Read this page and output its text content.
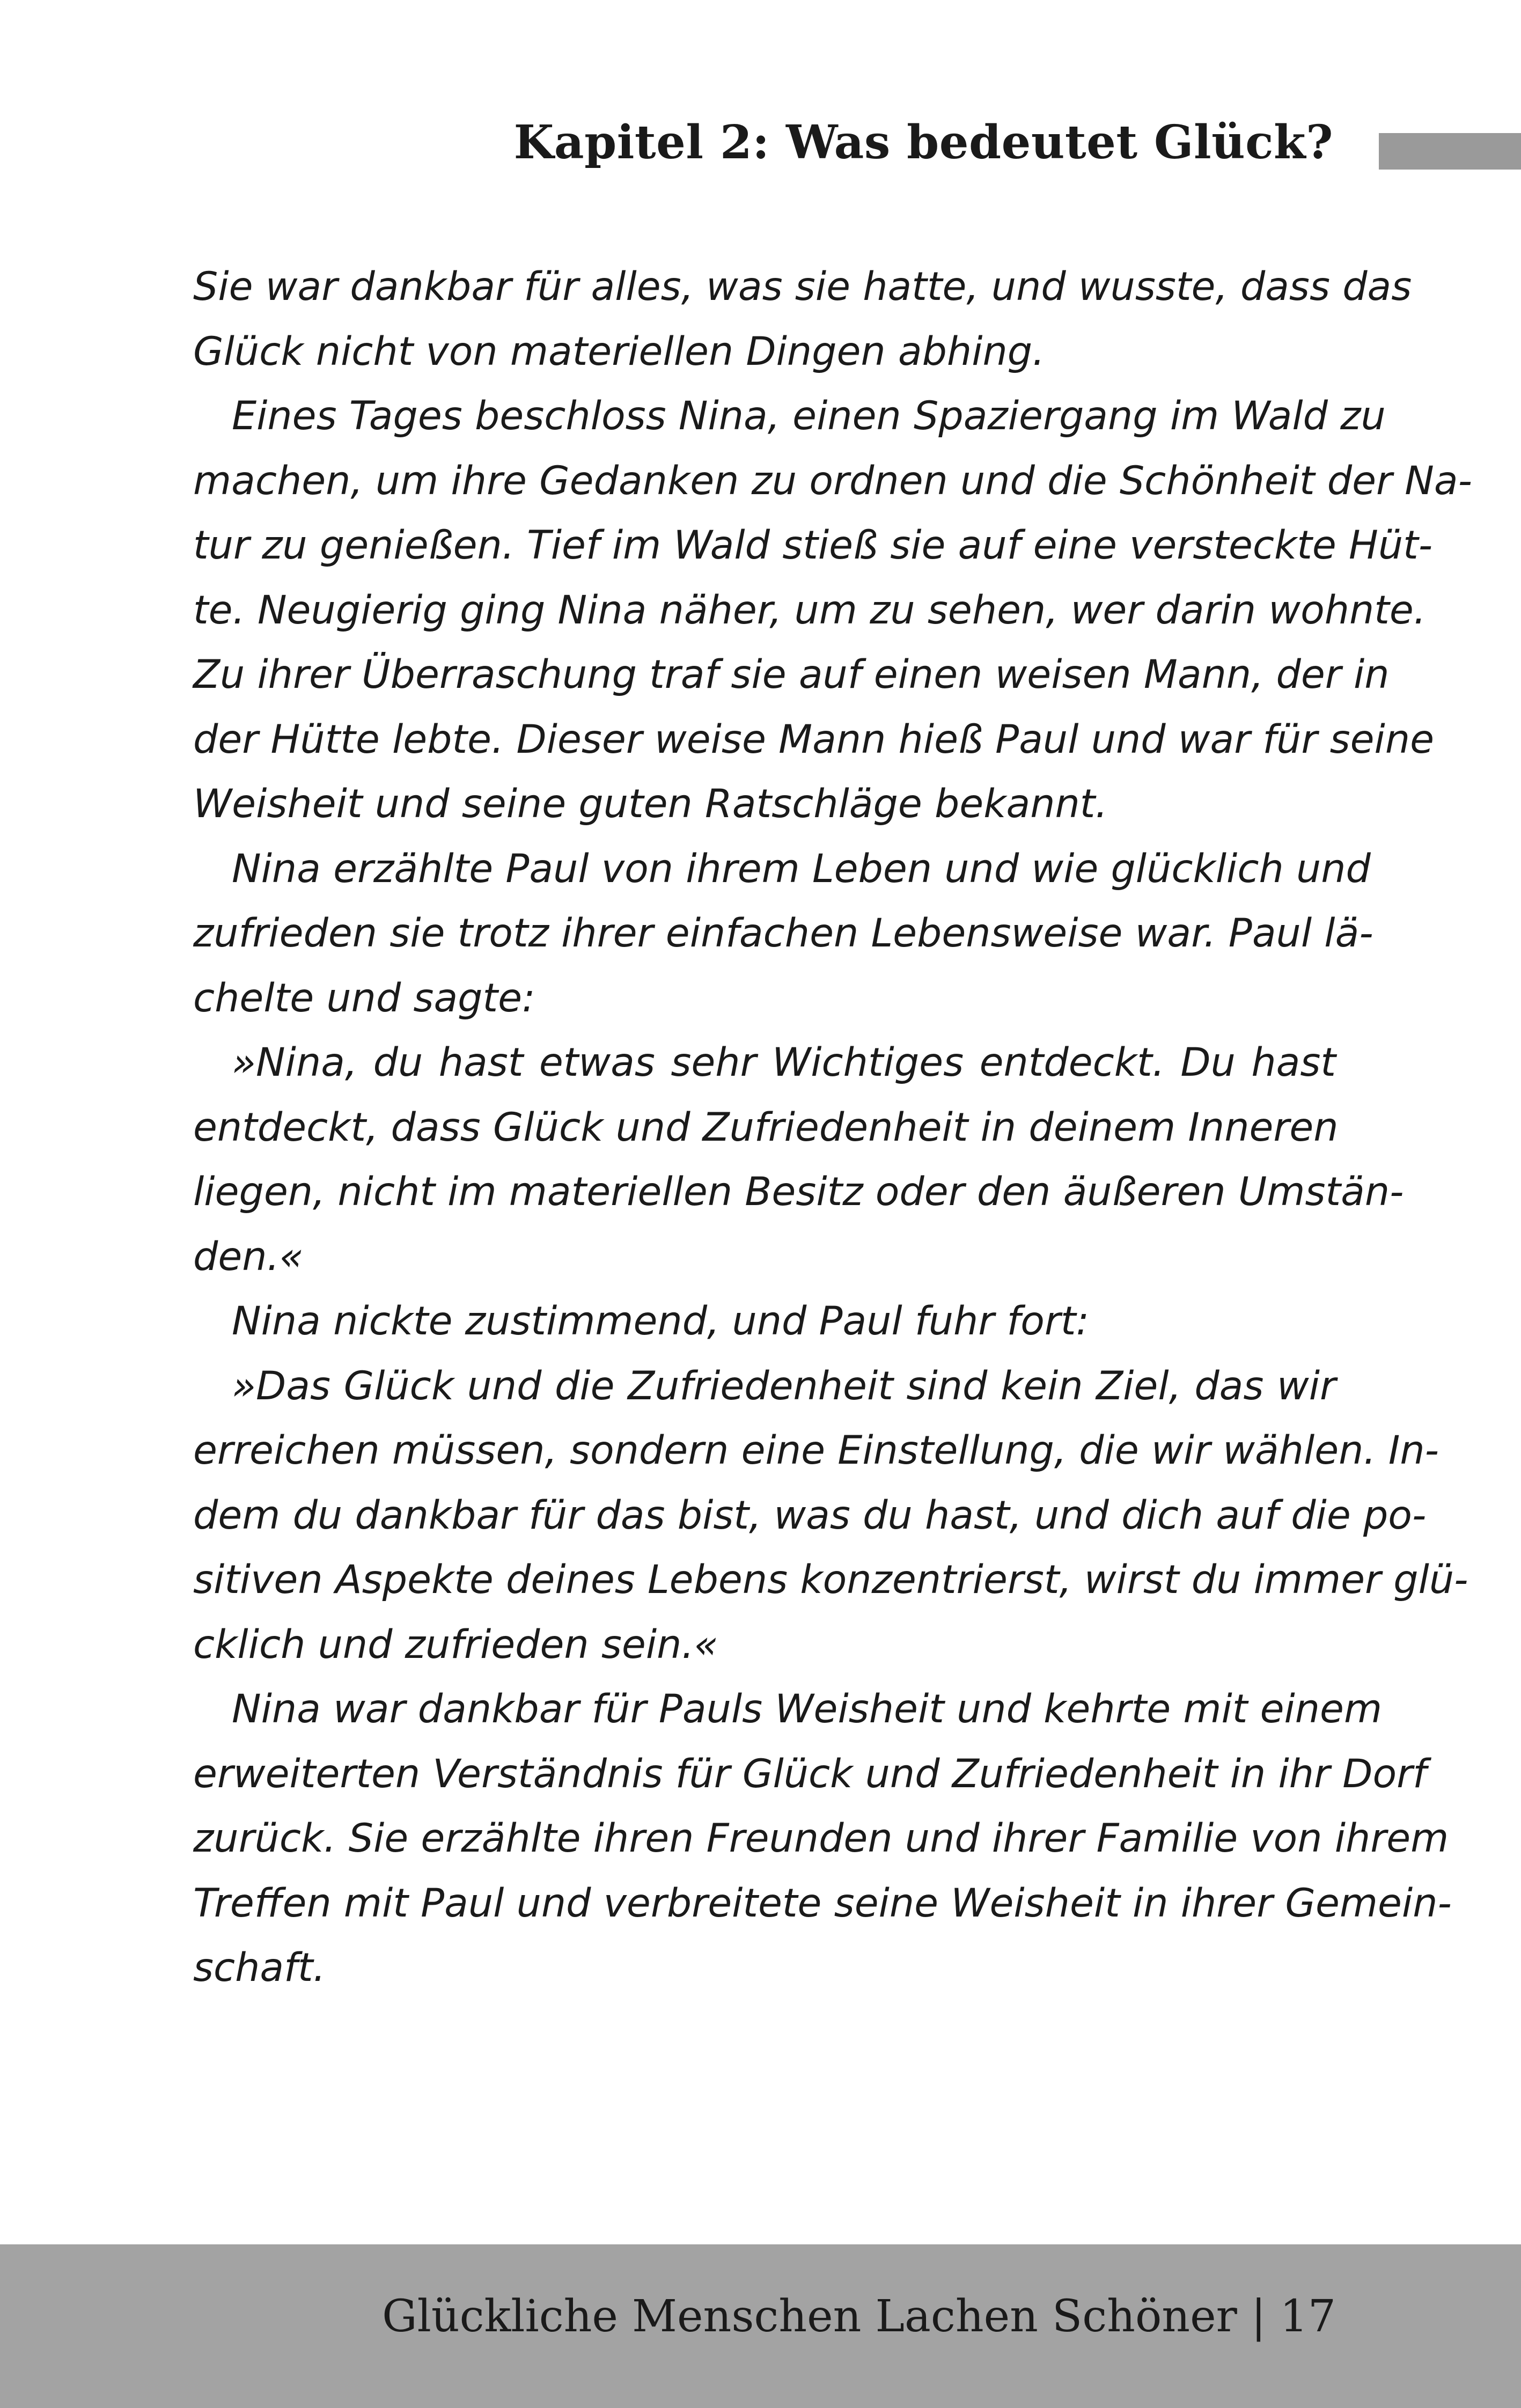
Kapitel 2: Was bedeutet Glück?
Sie war dankbar für alles, was sie hatte, und wusste, dass das
Glück nicht von materiellen Dingen abhing.
Eines Tages beschloss Nina, einen Spaziergang im Wald zu
machen, um ihre Gedanken zu ordnen und die Schönheit der Na-
tur zu genießen. Tief im Wald stieß sie auf eine versteckte Hüt-
te. Neugierig ging Nina näher, um zu sehen, wer darin wohnte.
Zu ihrer Überraschung traf sie auf einen weisen Mann, der in
der Hütte lebte. Dieser weise Mann hieß Paul und war für seine
Weisheit und seine guten Ratschläge bekannt.
Nina erzählte Paul von ihrem Leben und wie glücklich und
zufrieden sie trotz ihrer einfachen Lebensweise war. Paul lä-
chelte und sagte:
»Nina, du hast etwas sehr Wichtiges entdeckt. Du hast
entdeckt, dass Glück und Zufriedenheit in deinem Inneren
liegen, nicht im materiellen Besitz oder den äußeren Umstän-
den.«
Nina nickte zustimmend, und Paul fuhr fort:
»Das Glück und die Zufriedenheit sind kein Ziel, das wir
erreichen müssen, sondern eine Einstellung, die wir wählen. In-
dem du dankbar für das bist, was du hast, und dich auf die po-
sitiven Aspekte deines Lebens konzentrierst, wirst du immer glü-
cklich und zufrieden sein.«
Nina war dankbar für Pauls Weisheit und kehrte mit einem
erweiterten Verständnis für Glück und Zufriedenheit in ihr Dorf
zurück. Sie erzählte ihren Freunden und ihrer Familie von ihrem
Treffen mit Paul und verbreitete seine Weisheit in ihrer Gemein-
schaft.
Glückliche Menschen Lachen Schöner | 17
